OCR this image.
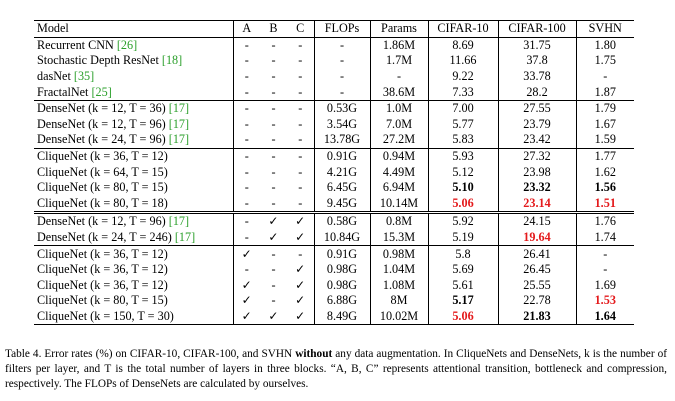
Model	A	B	C	FLOPs	Params	CIFAR-10	CIFAR-100	SVHN
Recurrent CNN [26]	-	-	-	-	1.86M	8.69	31.75	1.80
Stochastic Depth ResNet [18]	-	-	-	-	1.7M	11.66	37.8	1.75
dasNet [35]	-	-	-	-	-	9.22	33.78	-
FractalNet [25]	-	-	-	-	38.6M	7.33	28.2	1.87
DenseNet (k = 12, T = 36) [17]	-	-	-	0.53G	1.0M	7.00	27.55	1.79
DenseNet (k = 12, T = 96) [17]	-	-	-	3.54G	7.0M	5.77	23.79	1.67
DenseNet (k = 24, T = 96) [17]	-	-	-	13.78G	27.2M	5.83	23.42	1.59
CliqueNet (k = 36, T = 12)	-	-	-	0.91G	0.94M	5.93	27.32	1.77
CliqueNet (k = 64, T = 15)	-	-	-	4.21G	4.49M	5.12	23.98	1.62
CliqueNet (k = 80, T = 15)	-	-	-	6.45G	6.94M	5.10	23.32	1.56
CliqueNet (k = 80, T = 18)	-	-	-	9.45G	10.14M	5.06	23.14	1.51
DenseNet (k = 12, T = 96) [17]	-	✓	✓	0.58G	0.8M	5.92	24.15	1.76
DenseNet (k = 24, T = 246) [17]	-	✓	✓	10.84G	15.3M	5.19	19.64	1.74
CliqueNet (k = 36, T = 12)	✓	-	-	0.91G	0.98M	5.8	26.41	-
CliqueNet (k = 36, T = 12)	-	-	✓	0.98G	1.04M	5.69	26.45	-
CliqueNet (k = 36, T = 12)	✓	-	✓	0.98G	1.08M	5.61	25.55	1.69
CliqueNet (k = 80, T = 15)	✓	-	✓	6.88G	8M	5.17	22.78	1.53
CliqueNet (k = 150, T = 30)	✓	✓	✓	8.49G	10.02M	5.06	21.83	1.64
Table 4. Error rates (%) on CIFAR-10, CIFAR-100, and SVHN without any data augmentation. In CliqueNets and DenseNets, k is the number of filters per layer, and T is the total number of layers in three blocks. “A, B, C” represents attentional transition, bottleneck and compression, respectively. The FLOPs of DenseNets are calculated by ourselves.
